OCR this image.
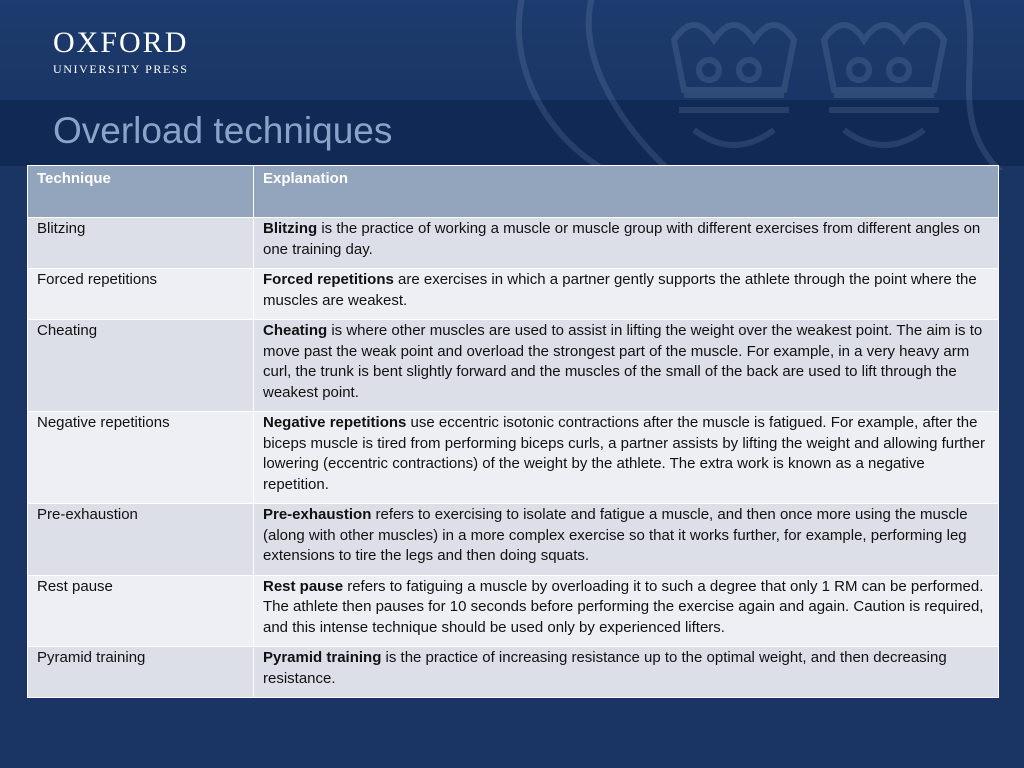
OXFORD
UNIVERSITY PRESS
Overload techniques
Technique	Explanation
Blitzing	Blitzing is the practice of working a muscle or muscle group with different exercises from different angles on one training day.
Forced repetitions	Forced repetitions are exercises in which a partner gently supports the athlete through the point where the muscles are weakest.
Cheating	Cheating is where other muscles are used to assist in lifting the weight over the weakest point. The aim is to move past the weak point and overload the strongest part of the muscle. For example, in a very heavy arm curl, the trunk is bent slightly forward and the muscles of the small of the back are used to lift through the weakest point.
Negative repetitions	Negative repetitions use eccentric isotonic contractions after the muscle is fatigued. For example, after the biceps muscle is tired from performing biceps curls, a partner assists by lifting the weight and allowing further lowering (eccentric contractions) of the weight by the athlete. The extra work is known as a negative repetition.
Pre-exhaustion	Pre-exhaustion refers to exercising to isolate and fatigue a muscle, and then once more using the muscle (along with other muscles) in a more complex exercise so that it works further, for example, performing leg extensions to tire the legs and then doing squats.
Rest pause	Rest pause refers to fatiguing a muscle by overloading it to such a degree that only 1 RM can be performed. The athlete then pauses for 10 seconds before performing the exercise again and again. Caution is required, and this intense technique should be used only by experienced lifters.
Pyramid training	Pyramid training is the practice of increasing resistance up to the optimal weight, and then decreasing resistance.
